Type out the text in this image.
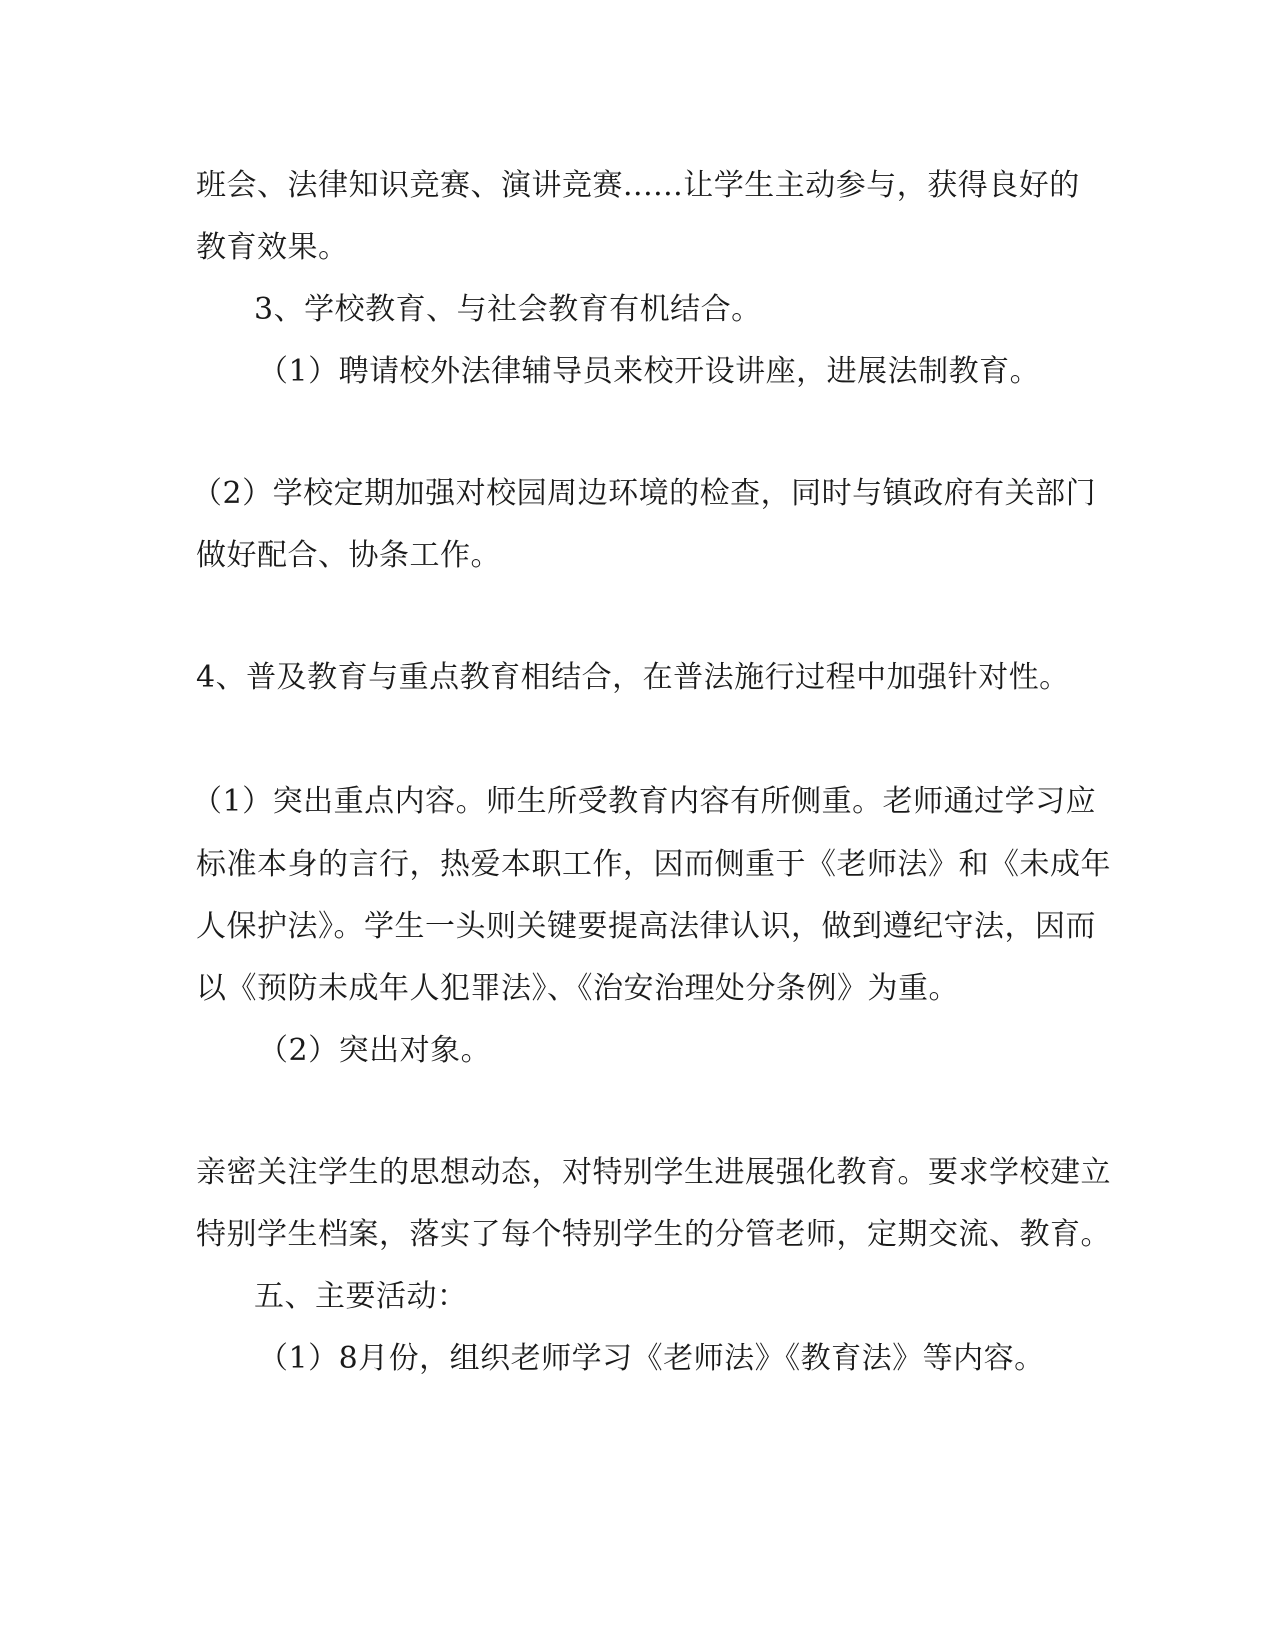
班会、法律知识竞赛、演讲竞赛......让学生主动参与，获得良好的

教育效果。

3、学校教育、与社会教育有机结合。

（1）聘请校外法律辅导员来校开设讲座，进展法制教育。

（2）学校定期加强对校园周边环境的检查，同时与镇政府有关部门

做好配合、协条工作。

4、普及教育与重点教育相结合，在普法施行过程中加强针对性。

（1）突出重点内容。师生所受教育内容有所侧重。老师通过学习应

标准本身的言行，热爱本职工作，因而侧重于《老师法》和《未成年

人保护法》。学生一头则关键要提高法律认识，做到遵纪守法，因而

以《预防未成年人犯罪法》、《治安治理处分条例》为重。

（2）突出对象。

亲密关注学生的思想动态，对特别学生进展强化教育。要求学校建立

特别学生档案，落实了每个特别学生的分管老师，定期交流、教育。

五、主要活动：

（1）8月份，组织老师学习《老师法》《教育法》等内容。
